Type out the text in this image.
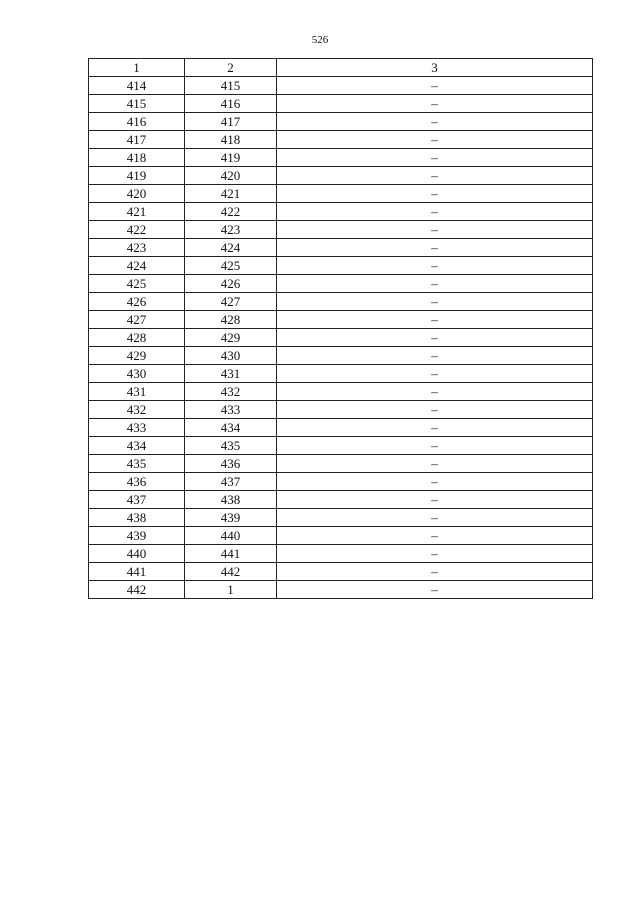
526
1	2	3
414	415	–
415	416	–
416	417	–
417	418	–
418	419	–
419	420	–
420	421	–
421	422	–
422	423	–
423	424	–
424	425	–
425	426	–
426	427	–
427	428	–
428	429	–
429	430	–
430	431	–
431	432	–
432	433	–
433	434	–
434	435	–
435	436	–
436	437	–
437	438	–
438	439	–
439	440	–
440	441	–
441	442	–
442	1	–
